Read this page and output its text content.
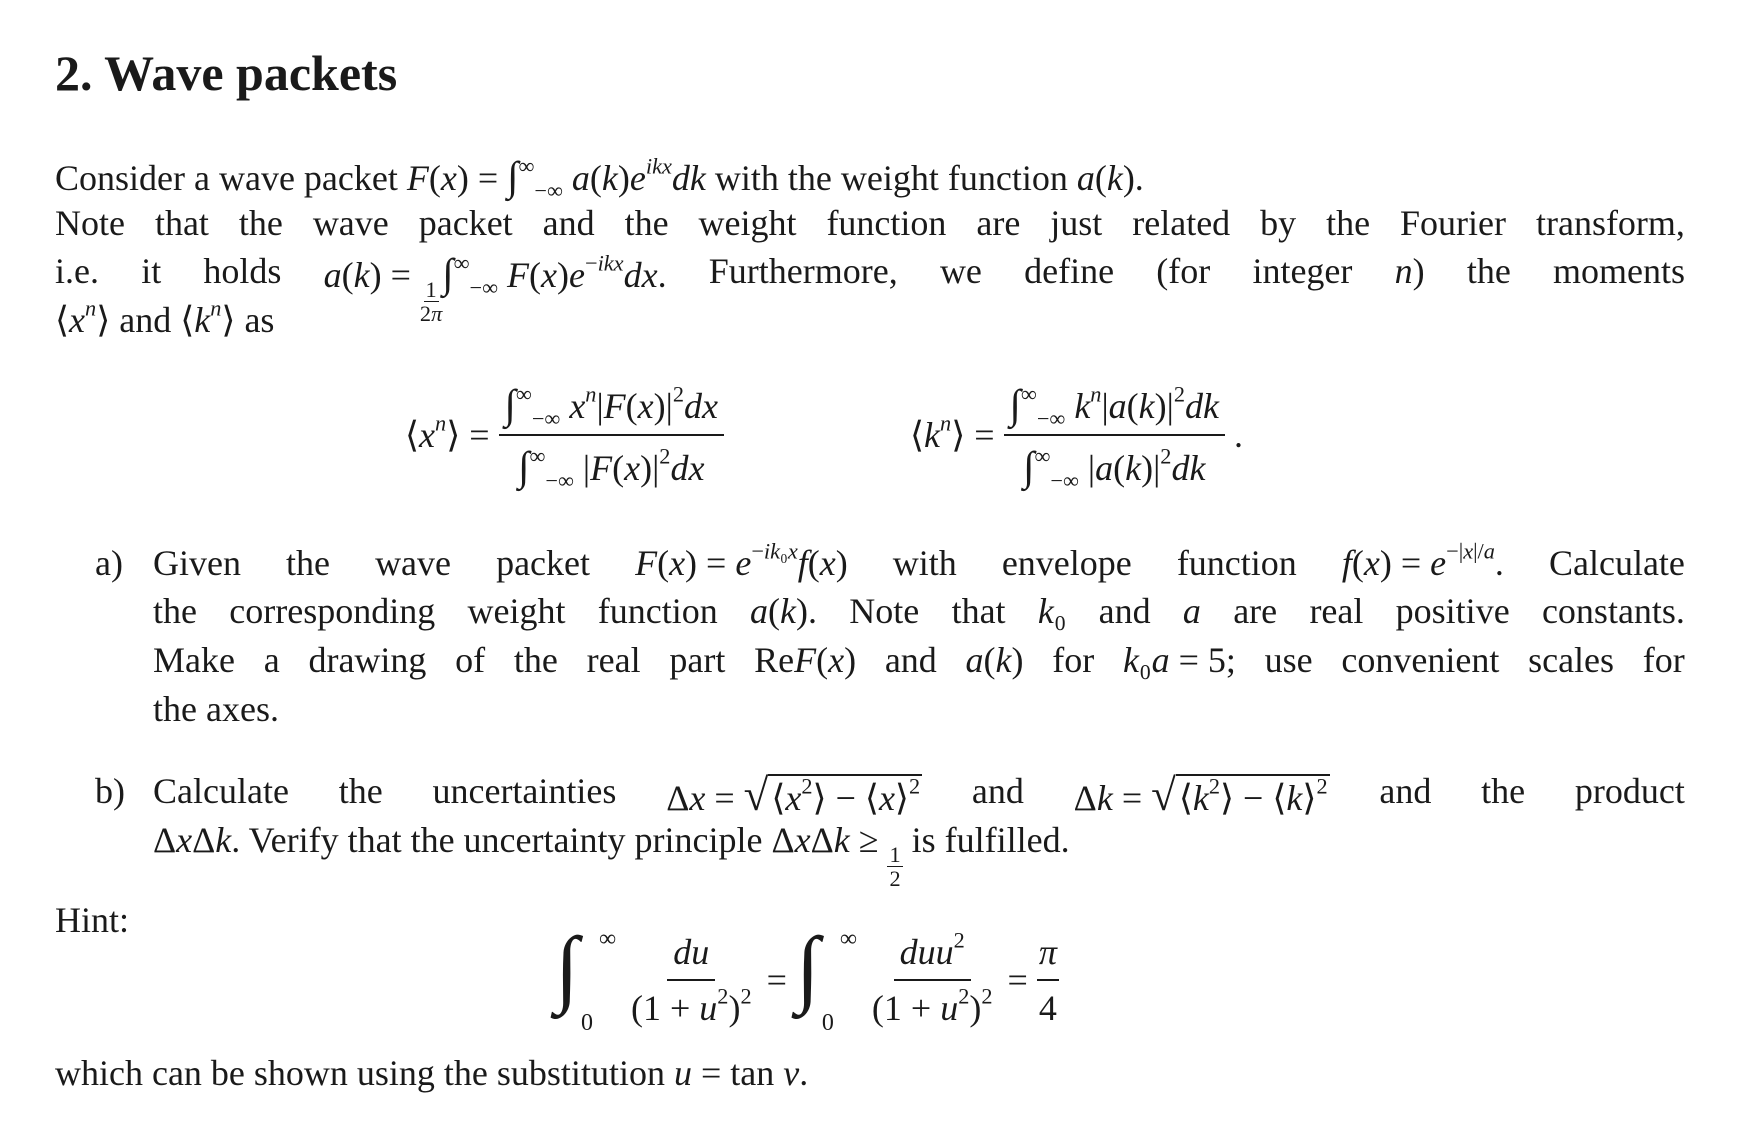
2. Wave packets
Consider a wave packet $F(x) = \int^\infty_{-\infty}$ $a(k)e^{ikx}dk$ with the weight function a(k).
Note that the wave packet and the weight function are just related by the Fourier transform,
i.e. it holds a(k) =
$\frac{1}{2\pi}$
$\int^\infty_{-\infty}$ $F(x)e^{-ikx}dx$. Furthermore, we define (for integer n) the moments
$⟨x^n⟩$ and $⟨k^n⟩$ as
$⟨x^n⟩ = \frac{\int^\infty_{-\infty} x^n|F(x)|^2dx}{\int^\infty_{-\infty} |F(x)|^2dx}$	$⟨k^n⟩ = \frac{\int^\infty_{-\infty} k^n|a(k)|^2dk}{\int^\infty_{-\infty} |a(k)|^2dk}$ .
a) Given the wave packet $F(x) = e^{-ik_0x}f(x)$ with envelope function $f(x) = e^{-|x|/a}$. Calculate
the corresponding weight function a(k). Note that k₀ and a are real positive constants.
Make a drawing of the real part ReF(x) and a(k) for k₀a = 5; use convenient scales for
the axes.
b) Calculate the uncertainties $\Delta x = √⟨x^2⟩$ − ⟨x⟩$^2$ and $\Delta k = √⟨k^2⟩$ − ⟨k⟩$^2$ and the product
ΔxΔk. Verify that the uncertainty principle ΔxΔk ≥
$\frac{1}{2}$
is fulfilled.
Hint:	∫ ∞
$0 \frac{du}{(1 + u^2)^2}$ = ∫ ∞
$0 \frac{duu^2}{(1 + u^2)^2} = \frac{\pi}{4}$
which can be shown using the substitution u = tan v.
